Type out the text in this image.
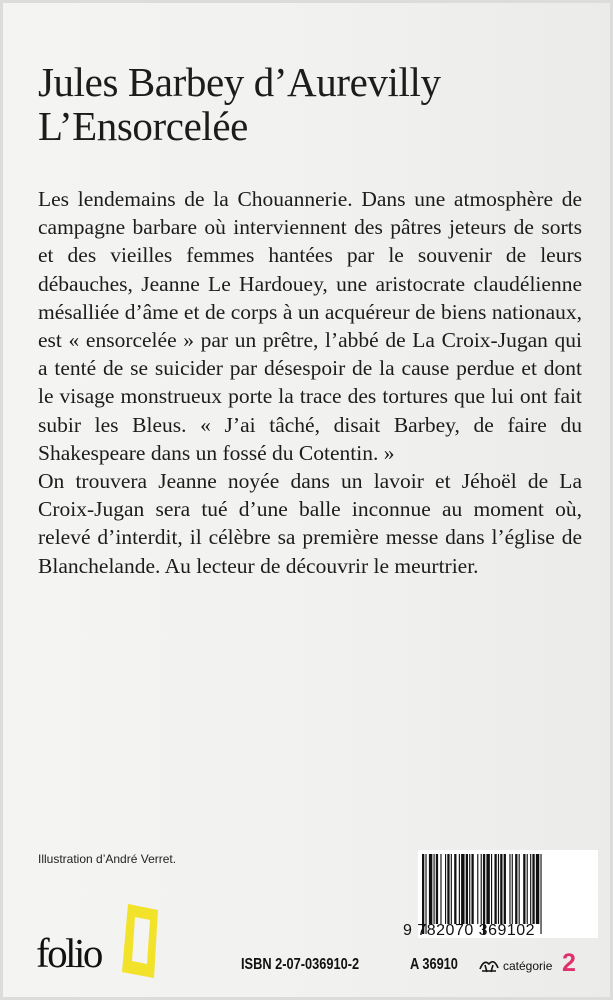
Jules Barbey d’Aurevilly
L’Ensorcelée

Les lendemains de la Chouannerie. Dans une atmosphère de campagne barbare où interviennent des pâtres jeteurs de sorts et des vieilles femmes hantées par le souvenir de leurs débauches, Jeanne Le Hardouey, une aristocrate claudélienne mésalliée d’âme et de corps à un acquéreur de biens nationaux, est « ensorcelée » par un prêtre, l’abbé de La Croix-Jugan qui a tenté de se suicider par désespoir de la cause perdue et dont le visage monstrueux porte la trace des tortures que lui ont fait subir les Bleus. « J’ai tâché, disait Barbey, de faire du Shakespeare dans un fossé du Cotentin. »

On trouvera Jeanne noyée dans un lavoir et Jéhoël de La Croix-Jugan sera tué d’une balle inconnue au moment où, relevé d’interdit, il célèbre sa première messe dans l’église de Blanchelande. Au lecteur de découvrir le meurtrier.

Illustration d’André Verret.
folio	9 782070 369102
ISBN 2-07-036910-2	A 36910	catégorie 2
